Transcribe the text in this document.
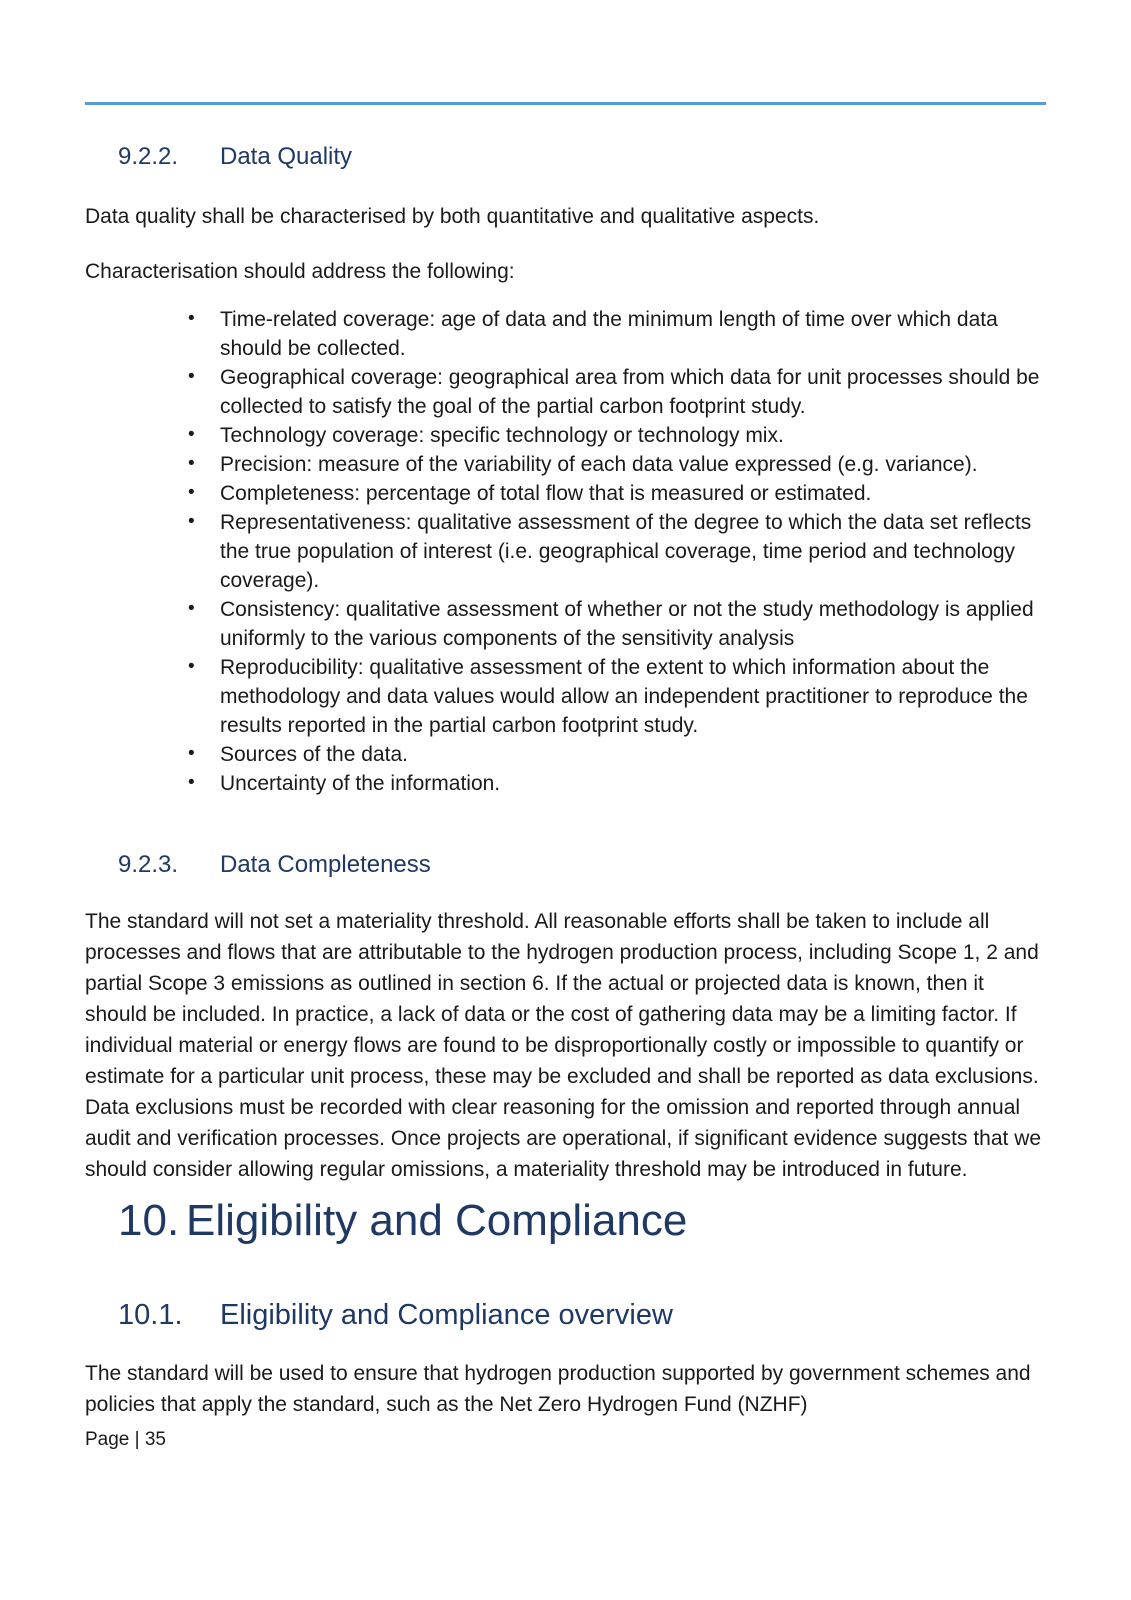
9.2.2. Data Quality

Data quality shall be characterised by both quantitative and qualitative aspects.

Characterisation should address the following:

• Time-related coverage: age of data and the minimum length of time over which data should be collected.
• Geographical coverage: geographical area from which data for unit processes should be collected to satisfy the goal of the partial carbon footprint study.
• Technology coverage: specific technology or technology mix.
• Precision: measure of the variability of each data value expressed (e.g. variance).
• Completeness: percentage of total flow that is measured or estimated.
• Representativeness: qualitative assessment of the degree to which the data set reflects the true population of interest (i.e. geographical coverage, time period and technology coverage).
• Consistency: qualitative assessment of whether or not the study methodology is applied uniformly to the various components of the sensitivity analysis
• Reproducibility: qualitative assessment of the extent to which information about the methodology and data values would allow an independent practitioner to reproduce the results reported in the partial carbon footprint study.
• Sources of the data.
• Uncertainty of the information.
9.2.3. Data Completeness

The standard will not set a materiality threshold. All reasonable efforts shall be taken to include all processes and flows that are attributable to the hydrogen production process, including Scope 1, 2 and partial Scope 3 emissions as outlined in section 6. If the actual or projected data is known, then it should be included. In practice, a lack of data or the cost of gathering data may be a limiting factor. If individual material or energy flows are found to be disproportionally costly or impossible to quantify or estimate for a particular unit process, these may be excluded and shall be reported as data exclusions. Data exclusions must be recorded with clear reasoning for the omission and reported through annual audit and verification processes. Once projects are operational, if significant evidence suggests that we should consider allowing regular omissions, a materiality threshold may be introduced in future.

10. Eligibility and Compliance
10.1. Eligibility and Compliance overview

The standard will be used to ensure that hydrogen production supported by government schemes and policies that apply the standard, such as the Net Zero Hydrogen Fund (NZHF)

Page | 35
